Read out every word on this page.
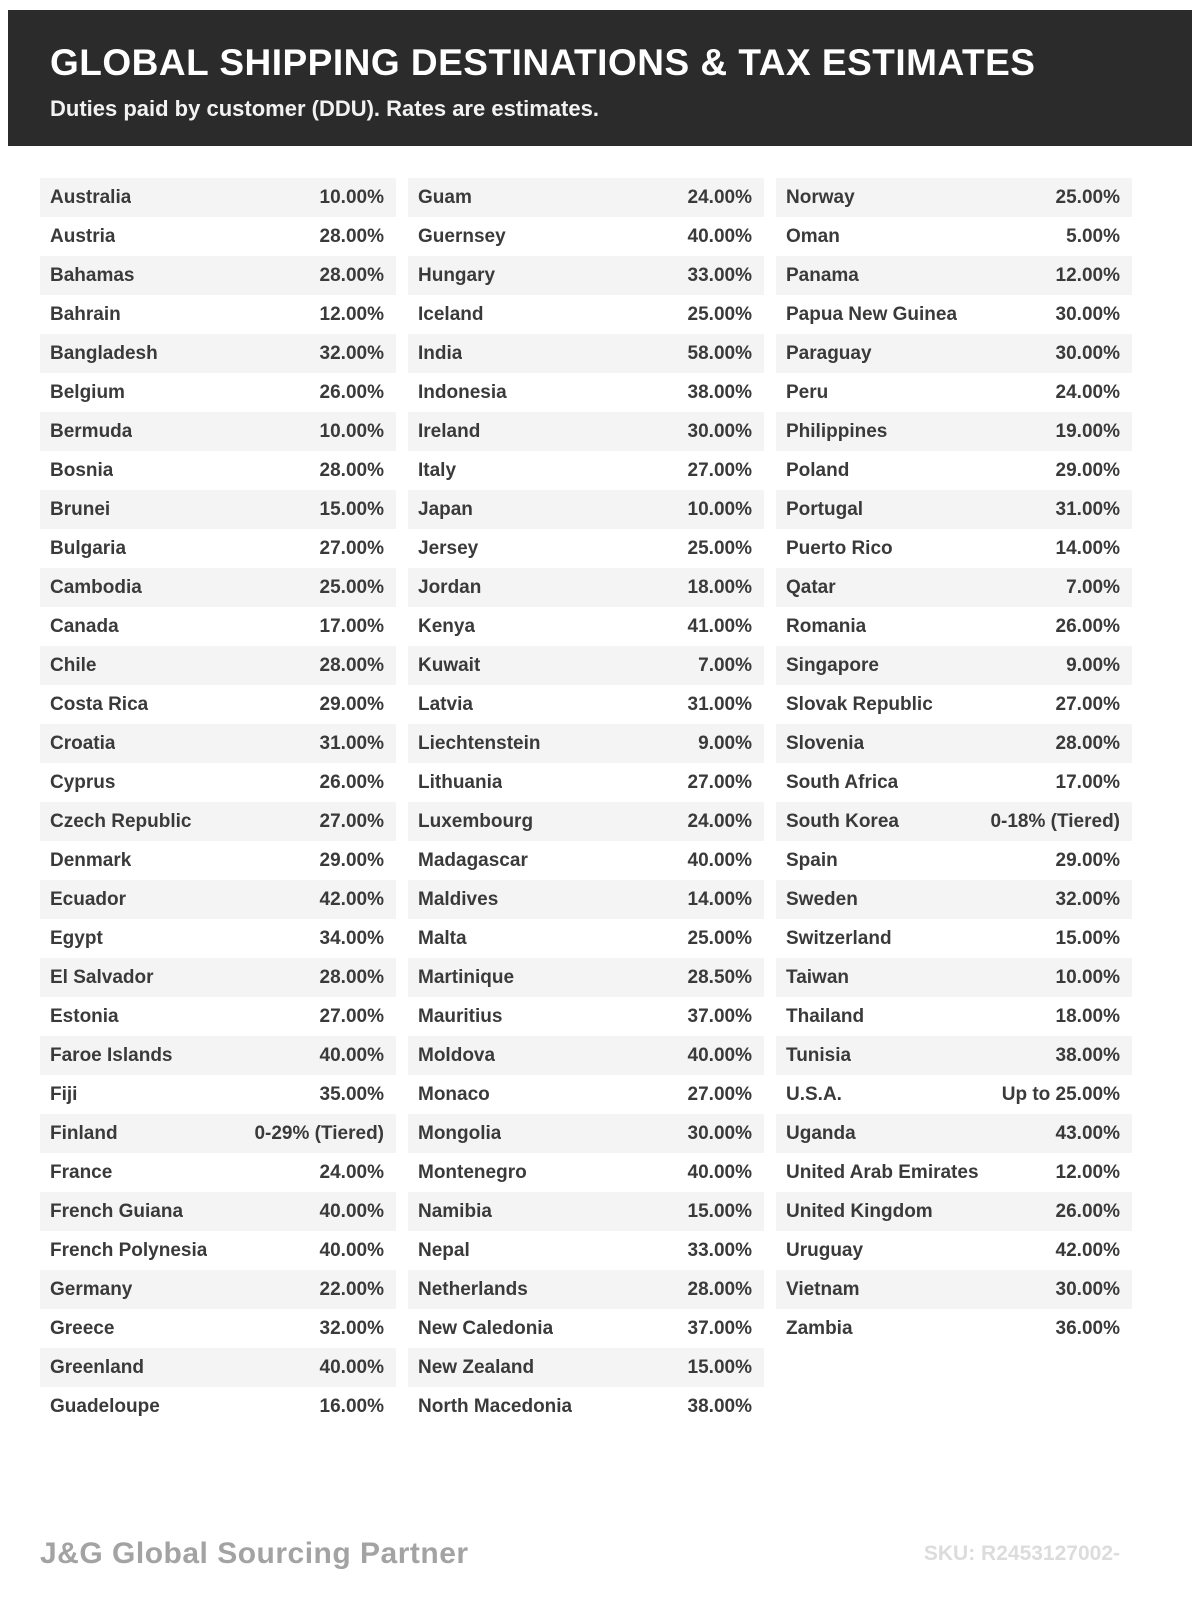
GLOBAL SHIPPING DESTINATIONS & TAX ESTIMATES
Duties paid by customer (DDU). Rates are estimates.
Australia	10.00%
Austria	28.00%
Bahamas	28.00%
Bahrain	12.00%
Bangladesh	32.00%
Belgium	26.00%
Bermuda	10.00%
Bosnia	28.00%
Brunei	15.00%
Bulgaria	27.00%
Cambodia	25.00%
Canada	17.00%
Chile	28.00%
Costa Rica	29.00%
Croatia	31.00%
Cyprus	26.00%
Czech Republic	27.00%
Denmark	29.00%
Ecuador	42.00%
Egypt	34.00%
El Salvador	28.00%
Estonia	27.00%
Faroe Islands	40.00%
Fiji	35.00%
Finland	0-29% (Tiered)
France	24.00%
French Guiana	40.00%
French Polynesia	40.00%
Germany	22.00%
Greece	32.00%
Greenland	40.00%
Guadeloupe	16.00%
Guam	24.00%
Guernsey	40.00%
Hungary	33.00%
Iceland	25.00%
India	58.00%
Indonesia	38.00%
Ireland	30.00%
Italy	27.00%
Japan	10.00%
Jersey	25.00%
Jordan	18.00%
Kenya	41.00%
Kuwait	7.00%
Latvia	31.00%
Liechtenstein	9.00%
Lithuania	27.00%
Luxembourg	24.00%
Madagascar	40.00%
Maldives	14.00%
Malta	25.00%
Martinique	28.50%
Mauritius	37.00%
Moldova	40.00%
Monaco	27.00%
Mongolia	30.00%
Montenegro	40.00%
Namibia	15.00%
Nepal	33.00%
Netherlands	28.00%
New Caledonia	37.00%
New Zealand	15.00%
North Macedonia	38.00%
Norway	25.00%
Oman	5.00%
Panama	12.00%
Papua New Guinea	30.00%
Paraguay	30.00%
Peru	24.00%
Philippines	19.00%
Poland	29.00%
Portugal	31.00%
Puerto Rico	14.00%
Qatar	7.00%
Romania	26.00%
Singapore	9.00%
Slovak Republic	27.00%
Slovenia	28.00%
South Africa	17.00%
South Korea	0-18% (Tiered)
Spain	29.00%
Sweden	32.00%
Switzerland	15.00%
Taiwan	10.00%
Thailand	18.00%
Tunisia	38.00%
U.S.A.	Up to 25.00%
Uganda	43.00%
United Arab Emirates	12.00%
United Kingdom	26.00%
Uruguay	42.00%
Vietnam	30.00%
Zambia	36.00%
J&G Global Sourcing Partner	SKU: R2453127002-
